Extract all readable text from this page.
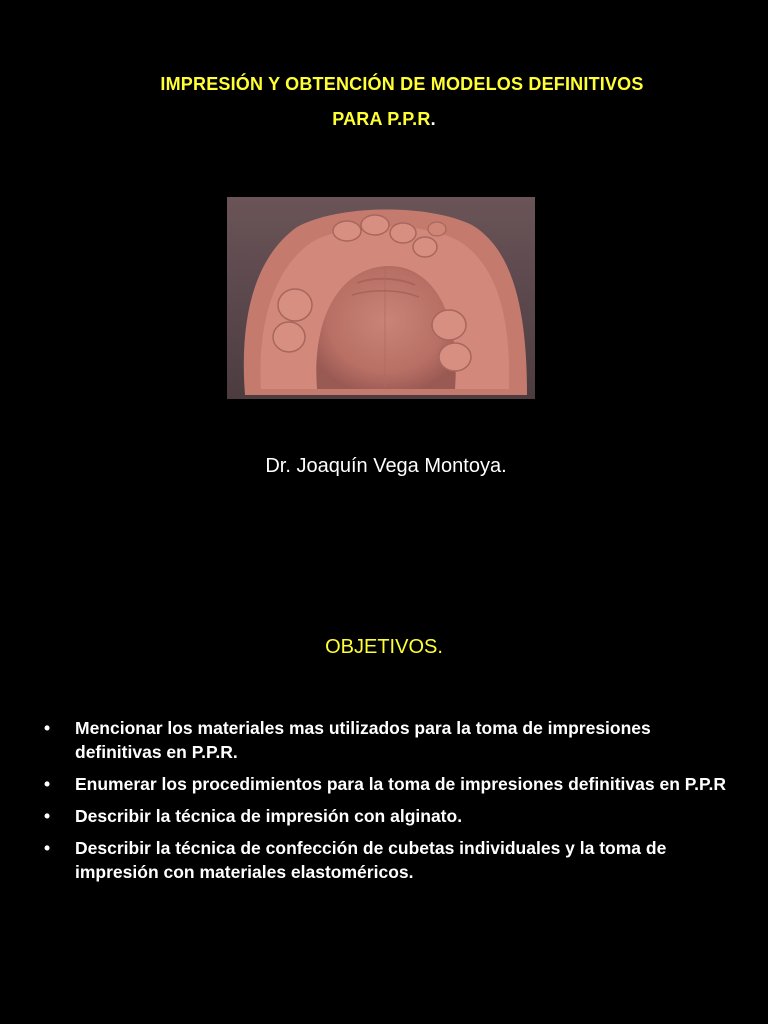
IMPRESIÓN Y OBTENCIÓN DE MODELOS DEFINITIVOS
PARA P.P.R.
Dr. Joaquín Vega Montoya.
OBJETIVOS.
• Mencionar los materiales mas utilizados para la toma de impresiones definitivas en P.P.R.
• Enumerar los procedimientos para la toma de impresiones definitivas en P.P.R
• Describir la técnica de impresión con alginato.
• Describir la técnica de confección de cubetas individuales y la toma de impresión con materiales elastoméricos.
